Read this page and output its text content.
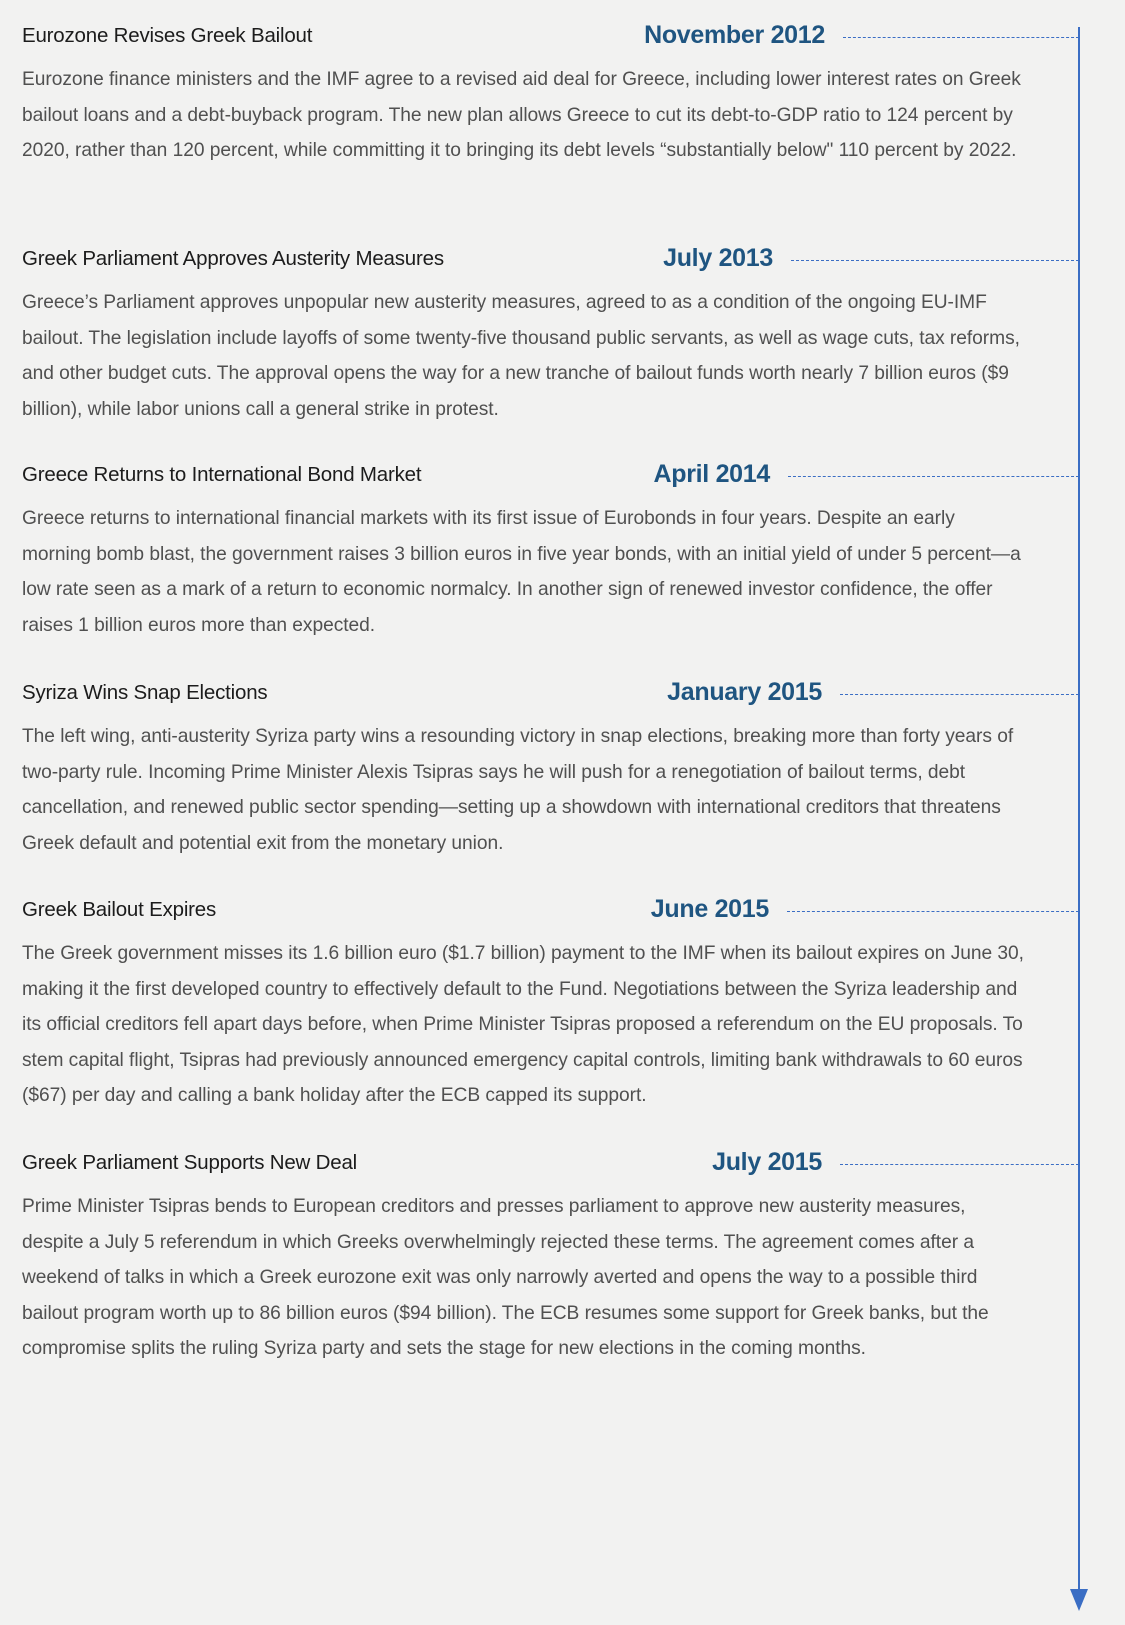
Eurozone Revises Greek Bailout	November 2012
Eurozone finance ministers and the IMF agree to a revised aid deal for Greece, including lower interest rates on Greek bailout loans and a debt-buyback program. The new plan allows Greece to cut its debt-to-GDP ratio to 124 percent by 2020, rather than 120 percent, while committing it to bringing its debt levels “substantially below" 110 percent by 2022.
Greek Parliament Approves Austerity Measures	July 2013
Greece’s Parliament approves unpopular new austerity measures, agreed to as a condition of the ongoing EU-IMF bailout. The legislation include layoffs of some twenty-five thousand public servants, as well as wage cuts, tax reforms, and other budget cuts. The approval opens the way for a new tranche of bailout funds worth nearly 7 billion euros ($9 billion), while labor unions call a general strike in protest.
Greece Returns to International Bond Market	April 2014
Greece returns to international financial markets with its first issue of Eurobonds in four years. Despite an early morning bomb blast, the government raises 3 billion euros in five year bonds, with an initial yield of under 5 percent—a low rate seen as a mark of a return to economic normalcy. In another sign of renewed investor confidence, the offer raises 1 billion euros more than expected.
Syriza Wins Snap Elections	January 2015
The left wing, anti-austerity Syriza party wins a resounding victory in snap elections, breaking more than forty years of two-party rule. Incoming Prime Minister Alexis Tsipras says he will push for a renegotiation of bailout terms, debt cancellation, and renewed public sector spending—setting up a showdown with international creditors that threatens Greek default and potential exit from the monetary union.
Greek Bailout Expires	June 2015
The Greek government misses its 1.6 billion euro ($1.7 billion) payment to the IMF when its bailout expires on June 30, making it the first developed country to effectively default to the Fund. Negotiations between the Syriza leadership and its official creditors fell apart days before, when Prime Minister Tsipras proposed a referendum on the EU proposals. To stem capital flight, Tsipras had previously announced emergency capital controls, limiting bank withdrawals to 60 euros ($67) per day and calling a bank holiday after the ECB capped its support.
Greek Parliament Supports New Deal	July 2015
Prime Minister Tsipras bends to European creditors and presses parliament to approve new austerity measures, despite a July 5 referendum in which Greeks overwhelmingly rejected these terms. The agreement comes after a weekend of talks in which a Greek eurozone exit was only narrowly averted and opens the way to a possible third bailout program worth up to 86 billion euros ($94 billion). The ECB resumes some support for Greek banks, but the compromise splits the ruling Syriza party and sets the stage for new elections in the coming months.
